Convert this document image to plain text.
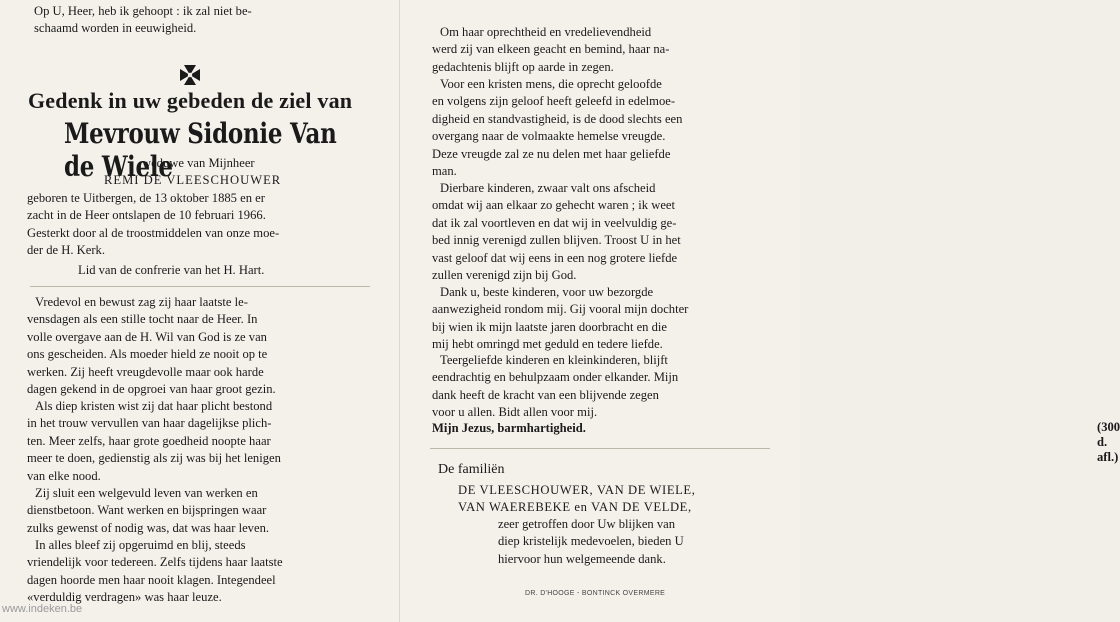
Op U, Heer, heb ik gehoopt : ik zal niet be-
schaamd worden in eeuwigheid.
Gedenk in uw gebeden de ziel van
Mevrouw Sidonie Van de Wiele
weduwe van Mijnheer
REMI DE VLEESCHOUWER
geboren te Uitbergen, de 13 oktober 1885 en er
zacht in de Heer ontslapen de 10 februari 1966.
Gesterkt door al de troostmiddelen van onze moe-
der de H. Kerk.
Lid van de confrerie van het H. Hart.
Vredevol en bewust zag zij haar laatste le-
vensdagen als een stille tocht naar de Heer. In
volle overgave aan de H. Wil van God is ze van
ons gescheiden. Als moeder hield ze nooit op te
werken. Zij heeft vreugdevolle maar ook harde
dagen gekend in de opgroei van haar groot gezin.
Als diep kristen wist zij dat haar plicht bestond
in het trouw vervullen van haar dagelijkse plich-
ten. Meer zelfs, haar grote goedheid noopte haar
meer te doen, gedienstig als zij was bij het lenigen
van elke nood.
Zij sluit een welgevuld leven van werken en
dienstbetoon. Want werken en bijspringen waar
zulks gewenst of nodig was, dat was haar leven.
In alles bleef zij opgeruimd en blij, steeds
vriendelijk voor tedereen. Zelfs tijdens haar laatste
dagen hoorde men haar nooit klagen. Integendeel
«verduldig verdragen» was haar leuze.
Om haar oprechtheid en vredelievendheid
werd zij van elkeen geacht en bemind, haar na-
gedachtenis blijft op aarde in zegen.
Voor een kristen mens, die oprecht geloofde
en volgens zijn geloof heeft geleefd in edelmoe-
digheid en standvastigheid, is de dood slechts een
overgang naar de volmaakte hemelse vreugde.
Deze vreugde zal ze nu delen met haar geliefde
man.
Dierbare kinderen, zwaar valt ons afscheid
omdat wij aan elkaar zo gehecht waren ; ik weet
dat ik zal voortleven en dat wij in veelvuldig ge-
bed innig verenigd zullen blijven. Troost U in het
vast geloof dat wij eens in een nog grotere liefde
zullen verenigd zijn bij God.
Dank u, beste kinderen, voor uw bezorgde
aanwezigheid rondom mij. Gij vooral mijn dochter
bij wien ik mijn laatste jaren doorbracht en die
mij hebt omringd met geduld en tedere liefde.
Teergeliefde kinderen en kleinkinderen, blijft
eendrachtig en behulpzaam onder elkander. Mijn
dank heeft de kracht van een blijvende zegen
voor u allen. Bidt allen voor mij.
Mijn Jezus, barmhartigheid.	(300 d. afl.)
De familiën
DE VLEESCHOUWER, VAN DE WIELE,
VAN WAEREBEKE en VAN DE VELDE,
zeer getroffen door Uw blijken van
diep kristelijk medevoelen, bieden U
hiervoor hun welgemeende dank.
DR. D'HOOGE - BONTINCK OVERMERE
www.indeken.be
